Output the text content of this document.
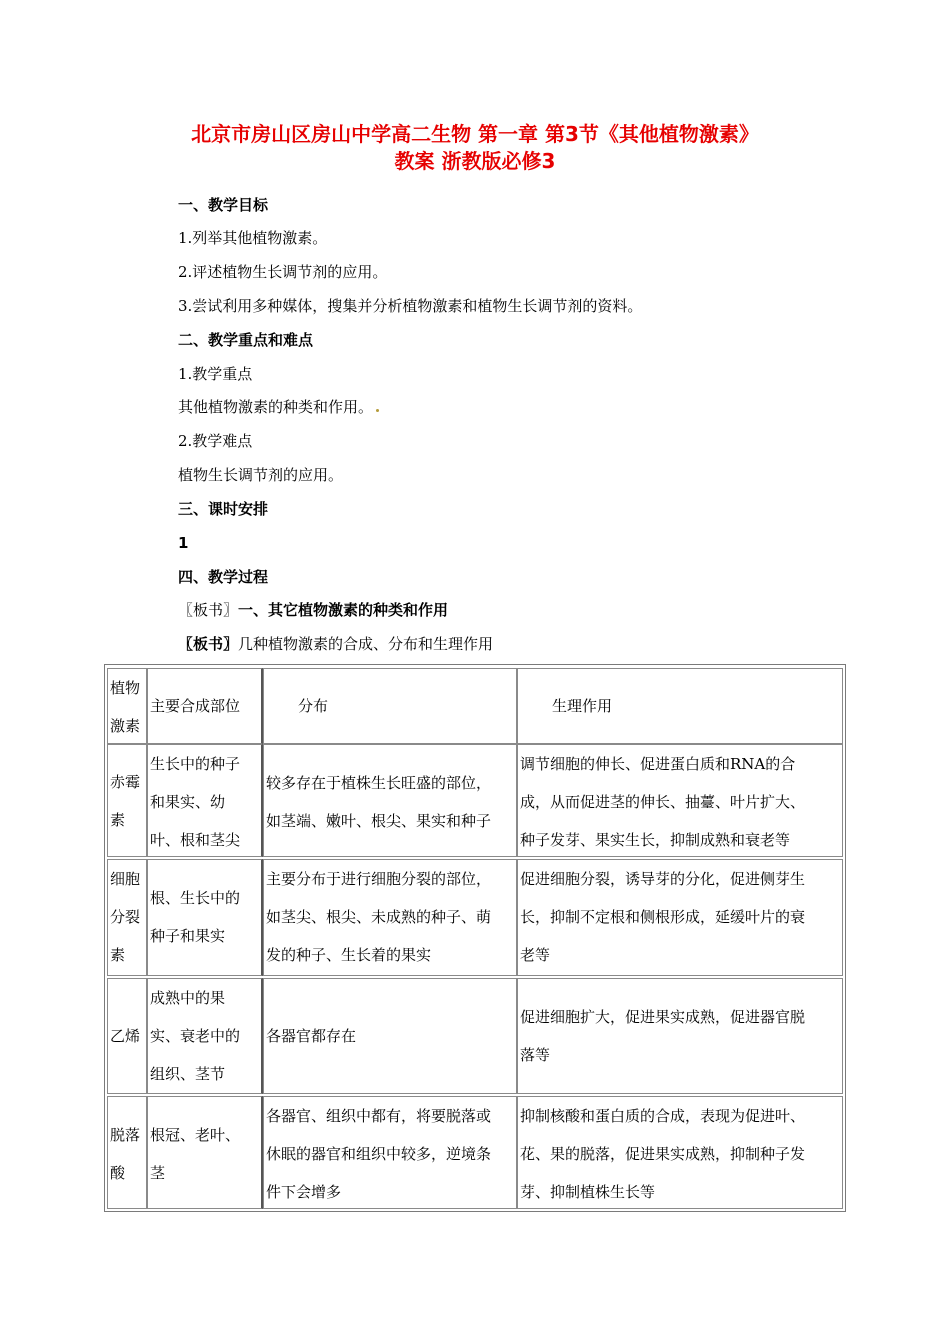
北京市房山区房山中学高二生物 第一章 第3节《其他植物激素》
教案 浙教版必修3
一、教学目标
1.列举其他植物激素。
2.评述植物生长调节剂的应用。
3.尝试利用多种媒体，搜集并分析植物激素和植物生长调节剂的资料。
二、教学重点和难点
1.教学重点
其他植物激素的种类和作用。
2.教学难点
植物生长调节剂的应用。
三、课时安排
1
四、教学过程
〖板书〗一、其它植物激素的种类和作用
〖板书〗几种植物激素的合成、分布和生理作用
植物激素
主要合成部位	分布	生理作用
赤霉
素
生长中的种子
和果实、幼
叶、根和茎尖
较多存在于植株生长旺盛的部位，
如茎端、嫩叶、根尖、果实和种子
调节细胞的伸长、促进蛋白质和RNA的合
成，从而促进茎的伸长、抽薹、叶片扩大、
种子发芽、果实生长，抑制成熟和衰老等
细胞
分裂
素
根、生长中的
种子和果实
主要分布于进行细胞分裂的部位，
如茎尖、根尖、未成熟的种子、萌
发的种子、生长着的果实
促进细胞分裂，诱导芽的分化，促进侧芽生
长，抑制不定根和侧根形成，延缓叶片的衰
老等
乙烯
成熟中的果
实、衰老中的
组织、茎节
各器官都存在
促进细胞扩大，促进果实成熟，促进器官脱
落等
脱落
酸
根冠、老叶、
茎
各器官、组织中都有，将要脱落或
休眠的器官和组织中较多，逆境条
件下会增多
抑制核酸和蛋白质的合成，表现为促进叶、
花、果的脱落，促进果实成熟，抑制种子发
芽、抑制植株生长等
